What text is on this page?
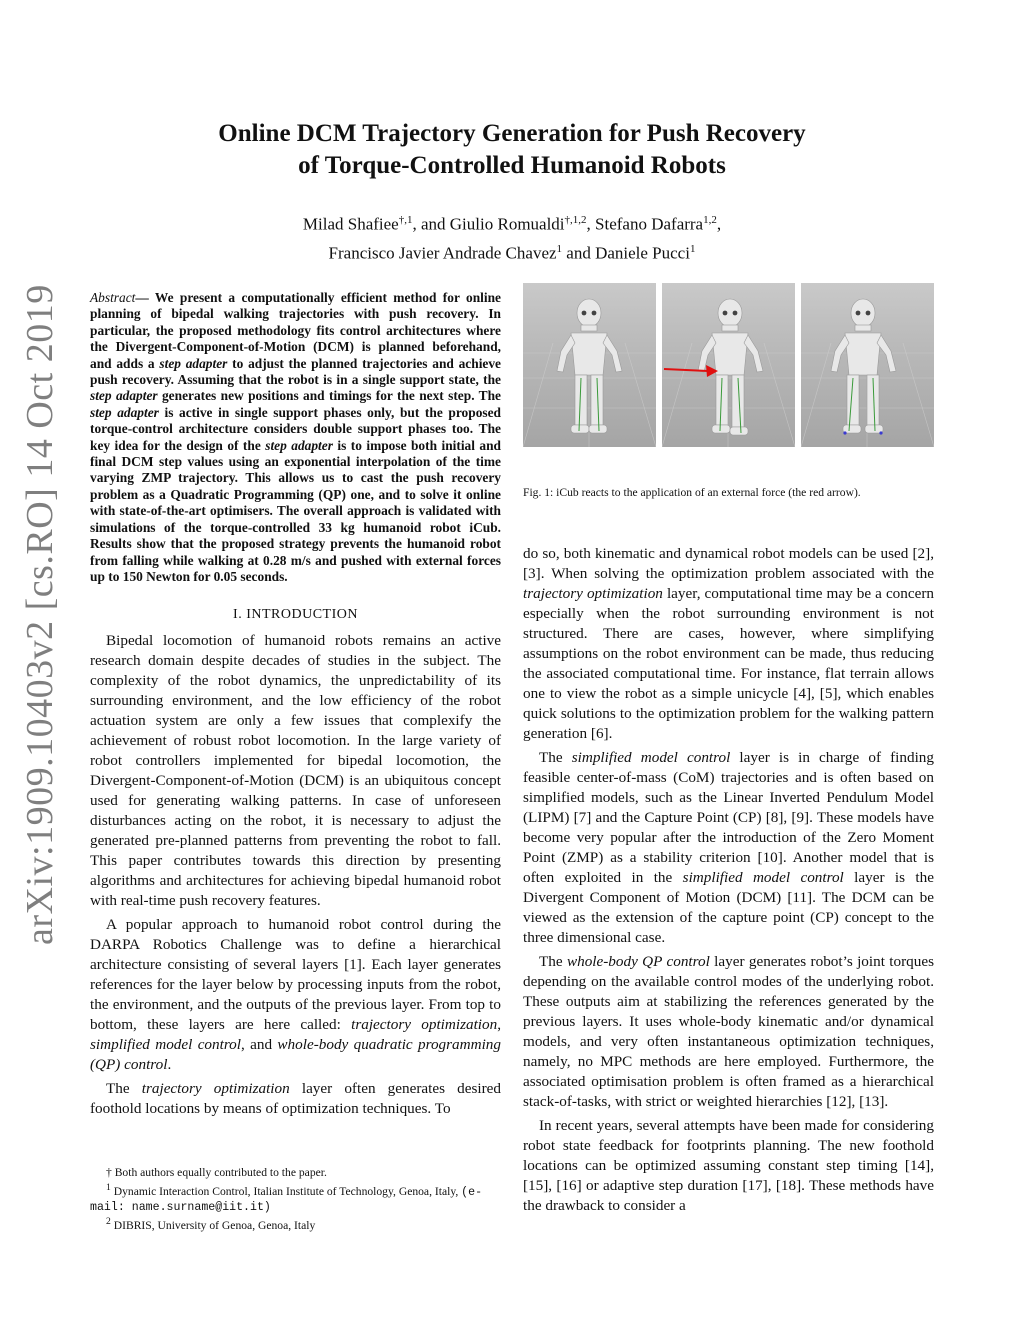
Online DCM Trajectory Generation for Push Recovery
of Torque-Controlled Humanoid Robots
Milad Shafiee$^{\dagger,1}$, and Giulio Romualdi$^{\dagger,1,2}$, Stefano Dafarra$^{1,2}$,
Francisco Javier Andrade Chavez$^1$ and Daniele Pucci$^1$
arXiv:1909.10403v2 [cs.RO] 14 Oct 2019 Abstract— We present a computationally efficient method for online planning of bipedal walking trajectories with push recovery. In particular, the proposed methodology fits control architectures where the Divergent-Component-of-Motion (DCM) is planned beforehand, and adds a step adapter to adjust the planned trajectories and achieve push recovery. Assuming that the robot is in a single support state, the step adapter generates new positions and timings for the next step. The step adapter is active in single support phases only, but the proposed torque-control architecture considers double support phases too. The key idea for the design of the step adapter is to impose both initial and final DCM step values using an exponential interpolation of the time varying ZMP trajectory. This allows us to cast the push recovery problem as a Quadratic Programming (QP) one, and to solve it online with state-of-the-art optimisers. The overall approach is validated with simulations of the torque-controlled 33 kg humanoid robot iCub. Results show that the proposed strategy prevents the humanoid robot from falling while walking at 0.28 m/s and pushed with external forces up to 150 Newton for 0.05 seconds.

I. INTRODUCTION

Bipedal locomotion of humanoid robots remains an active research domain despite decades of studies in the subject. The complexity of the robot dynamics, the unpredictability of its surrounding environment, and the low efficiency of the robot actuation system are only a few issues that complexify the achievement of robust robot locomotion. In the large variety of robot controllers implemented for bipedal locomotion, the Divergent-Component-of-Motion (DCM) is an ubiquitous concept used for generating walking patterns. In case of unforeseen disturbances acting on the robot, it is necessary to adjust the generated pre-planned patterns from preventing the robot to fall. This paper contributes towards this direction by presenting algorithms and architectures for achieving bipedal humanoid robot with real-time push recovery features.

A popular approach to humanoid robot control during the DARPA Robotics Challenge was to define a hierarchical architecture consisting of several layers [1]. Each layer generates references for the layer below by processing inputs from the robot, the environment, and the outputs of the previous layer. From top to bottom, these layers are here called: trajectory optimization, simplified model control, and whole-body quadratic programming (QP) control.

The trajectory optimization layer often generates desired foothold locations by means of optimization techniques. To

† Both authors equally contributed to the paper.

$^1$ Dynamic Interaction Control, Italian Institute of Technology, Genoa, Italy, (e-mail: name.surname@iit.it)

$^2$ DIBRIS, University of Genoa, Genoa, Italy

Fig. 1: iCub reacts to the application of an external force (the red arrow).

do so, both kinematic and dynamical robot models can be used [2], [3]. When solving the optimization problem associated with the trajectory optimization layer, computational time may be a concern especially when the robot surrounding environment is not structured. There are cases, however, where simplifying assumptions on the robot environment can be made, thus reducing the associated computational time. For instance, flat terrain allows one to view the robot as a simple unicycle [4], [5], which enables quick solutions to the optimization problem for the walking pattern generation [6].

The simplified model control layer is in charge of finding feasible center-of-mass (CoM) trajectories and is often based on simplified models, such as the Linear Inverted Pendulum Model (LIPM) [7] and the Capture Point (CP) [8], [9]. These models have become very popular after the introduction of the Zero Moment Point (ZMP) as a stability criterion [10]. Another model that is often exploited in the simplified model control layer is the Divergent Component of Motion (DCM) [11]. The DCM can be viewed as the extension of the capture point (CP) concept to the three dimensional case.

The whole-body QP control layer generates robot’s joint torques depending on the available control modes of the underlying robot. These outputs aim at stabilizing the references generated by the previous layers. It uses whole-body kinematic and/or dynamical models, and very often instantaneous optimization techniques, namely, no MPC methods are here employed. Furthermore, the associated optimisation problem is often framed as a hierarchical stack-of-tasks, with strict or weighted hierarchies [12], [13].

In recent years, several attempts have been made for considering robot state feedback for footprints planning. The new foothold locations can be optimized assuming constant step timing [14], [15], [16] or adaptive step duration [17], [18]. These methods have the drawback to consider a
